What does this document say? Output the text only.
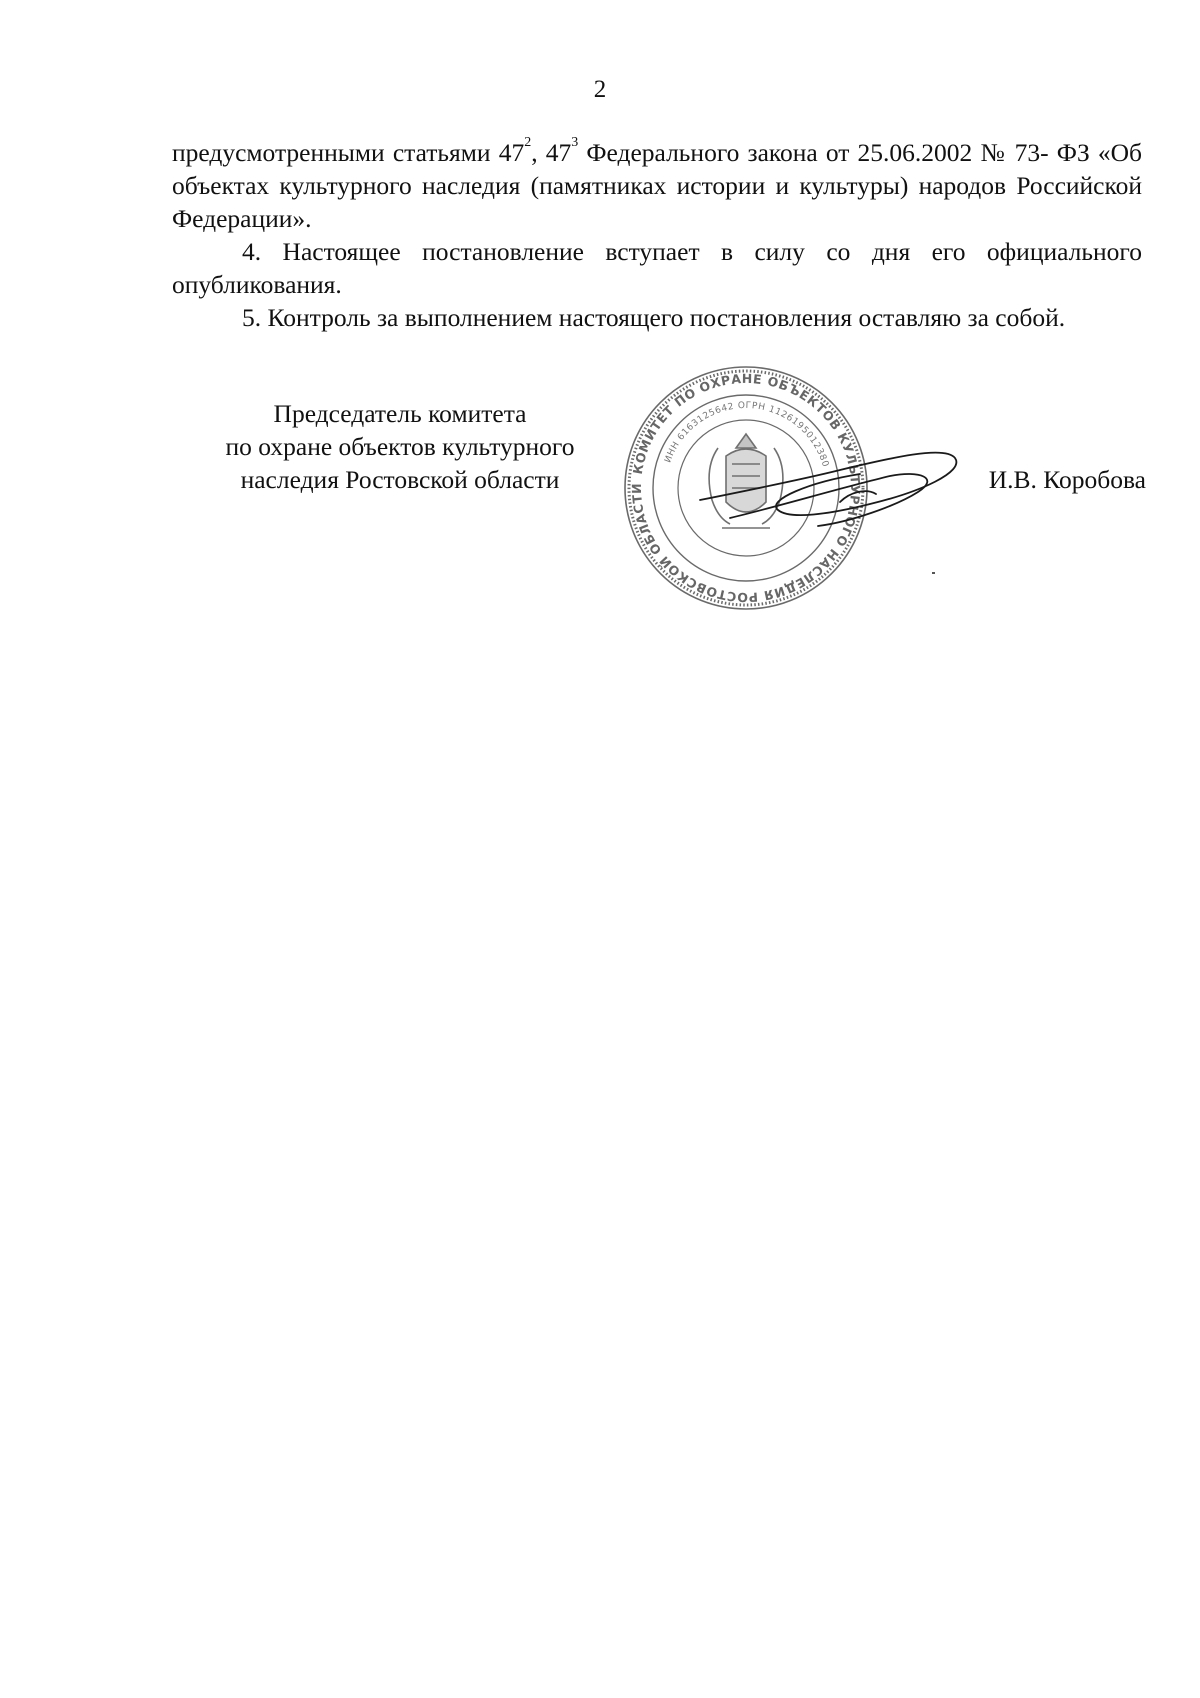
2

предусмотренными статьями $47^2$, $47^3$ Федерального закона от 25.06.2002 № 73- ФЗ «Об объектах культурного наследия (памятниках истории и культуры) народов Российской Федерации».

4. Настоящее постановление вступает в силу со дня его официального опубликования.

5. Контроль за выполнением настоящего постановления оставляю за собой.

Председатель комитета
по охране объектов культурного
наследия Ростовской области	КОМИТЕТ ПО ОХРАНЕ ОБЪЕКТОВ КУЛЬТУРНОГО НАСЛЕДИЯ РОСТОВСКОЙ ОБЛАСТИ
ИНН 6163125642 ОГРН 1126195012380
И.В. Коробова
